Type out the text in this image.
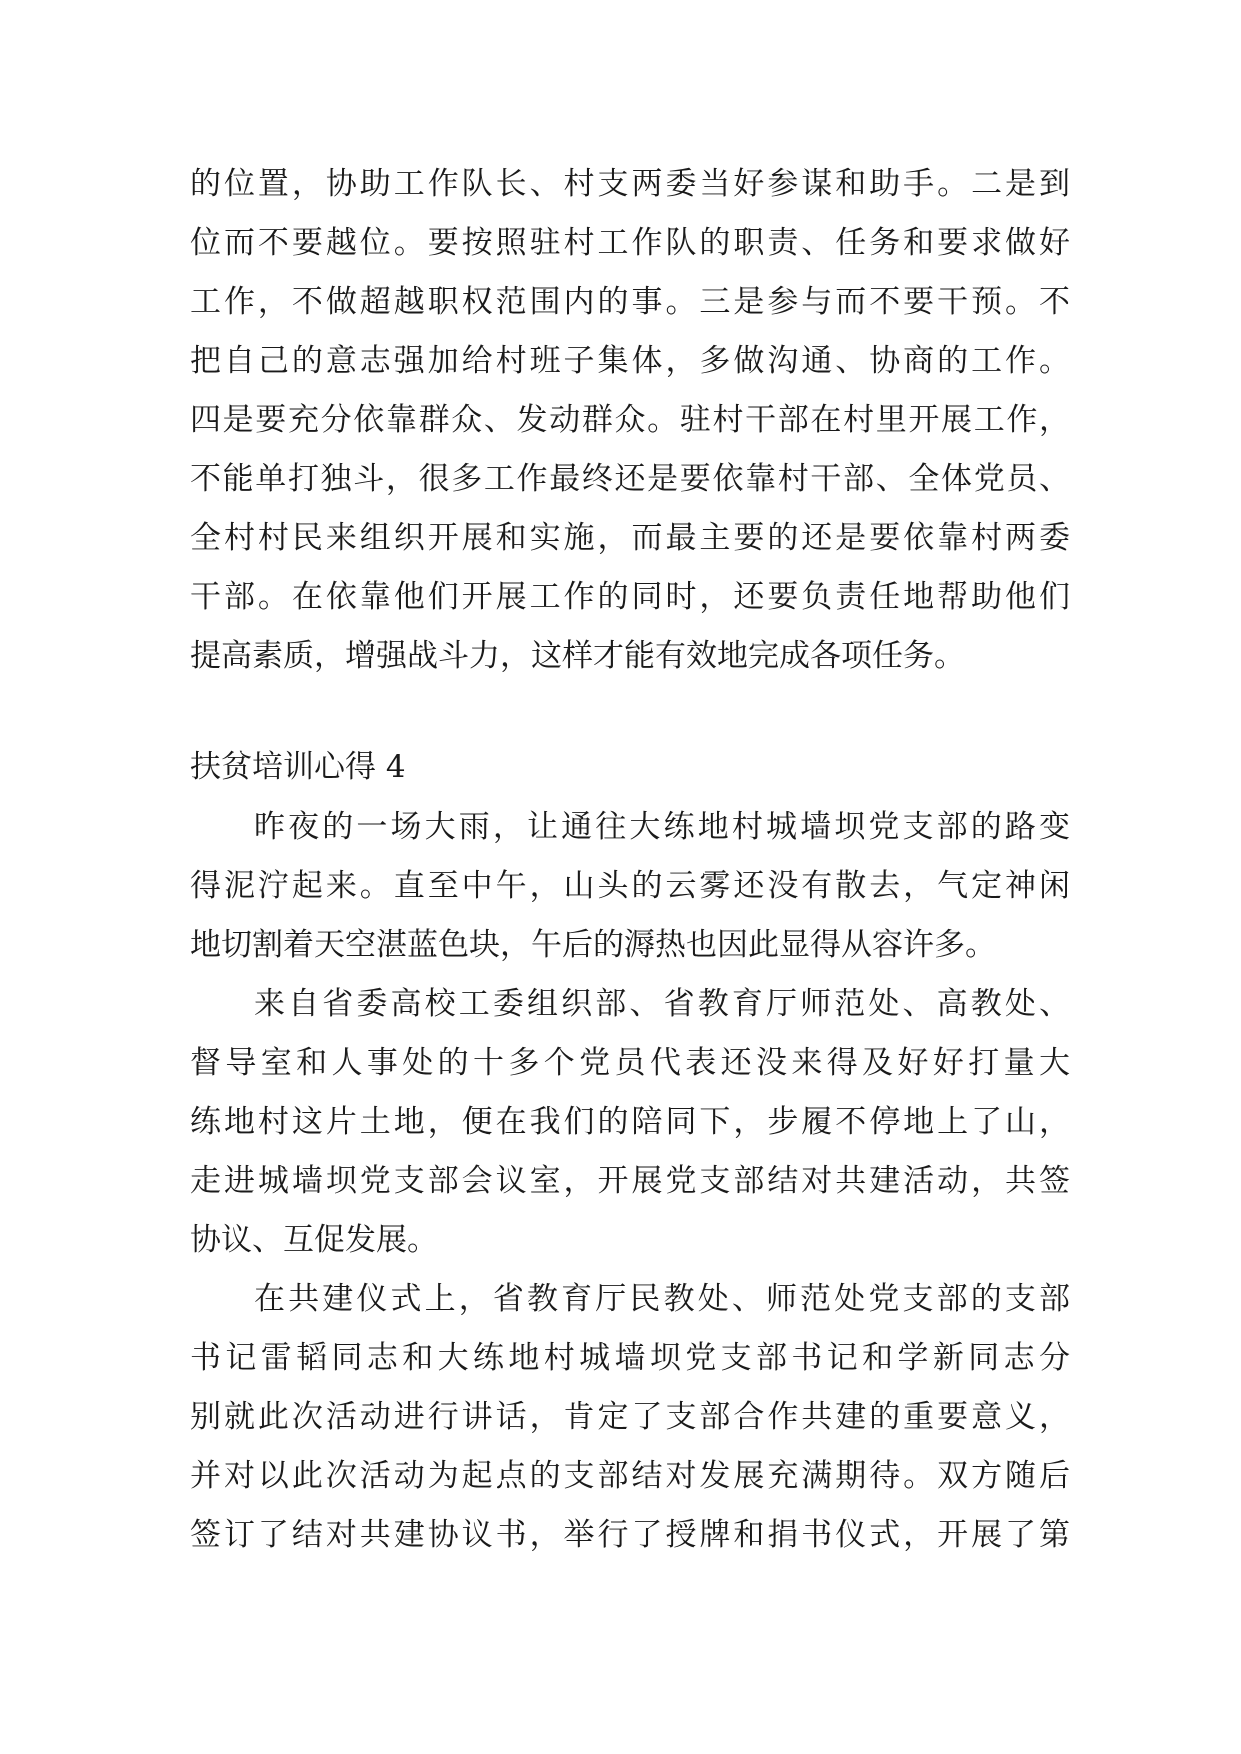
的位置，协助工作队长、村支两委当好参谋和助手。二是到
位而不要越位。要按照驻村工作队的职责、任务和要求做好
工作，不做超越职权范围内的事。三是参与而不要干预。不
把自己的意志强加给村班子集体，多做沟通、协商的工作。
四是要充分依靠群众、发动群众。驻村干部在村里开展工作，
不能单打独斗，很多工作最终还是要依靠村干部、全体党员、
全村村民来组织开展和实施，而最主要的还是要依靠村两委
干部。在依靠他们开展工作的同时，还要负责任地帮助他们
提高素质，增强战斗力，这样才能有效地完成各项任务。
扶贫培训心得 4
昨夜的一场大雨，让通往大练地村城墙坝党支部的路变
得泥泞起来。直至中午，山头的云雾还没有散去，气定神闲
地切割着天空湛蓝色块，午后的溽热也因此显得从容许多。
来自省委高校工委组织部、省教育厅师范处、高教处、
督导室和人事处的十多个党员代表还没来得及好好打量大
练地村这片土地，便在我们的陪同下，步履不停地上了山，
走进城墙坝党支部会议室，开展党支部结对共建活动，共签
协议、互促发展。
在共建仪式上，省教育厅民教处、师范处党支部的支部
书记雷韬同志和大练地村城墙坝党支部书记和学新同志分
别就此次活动进行讲话，肯定了支部合作共建的重要意义，
并对以此次活动为起点的支部结对发展充满期待。双方随后
签订了结对共建协议书，举行了授牌和捐书仪式，开展了第
